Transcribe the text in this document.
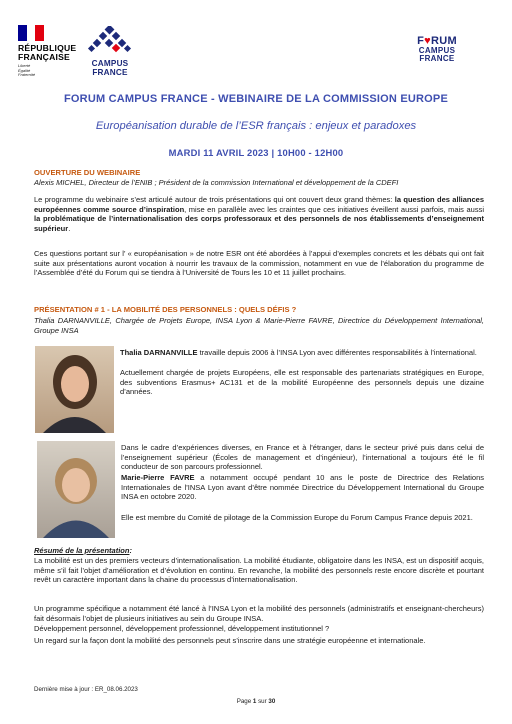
RÉPUBLIQUE
FRANÇAISE
Liberté
Égalité
Fraternité
CAMPUS
FRANCE
F♥RUM
CAMPUS
FRANCE
FORUM CAMPUS FRANCE - WEBINAIRE DE LA COMMISSION EUROPE
Européanisation durable de l’ESR français : enjeux et paradoxes
MARDI 11 AVRIL 2023 | 10H00 - 12H00
OUVERTURE DU WEBINAIRE
Alexis MICHEL, Directeur de l’ENIB ; Président de la commission International et développement de la CDEFI
Le programme du webinaire s’est articulé autour de trois présentations qui ont couvert deux grand thèmes: la question des alliances européennes comme source d’inspiration, mise en parallèle avec les craintes que ces initiatives éveillent aussi parfois, mais aussi la problématique de l’internationalisation des corps professoraux et des personnels de nos établissements d’enseignement supérieur.
Ces questions portant sur l’ « européanisation » de notre ESR ont été abordées à l’appui d’exemples concrets et les débats qui ont fait suite aux présentations auront vocation à nourrir les travaux de la commission, notamment en vue de l’élaboration du programme de l’Assemblée d’été du Forum qui se tiendra à l’Université de Tours les 10 et 11 juillet prochains.
PRÉSENTATION # 1 - LA MOBILITÉ DES PERSONNELS : QUELS DÉFIS ?
Thalia DARNANVILLE, Chargée de Projets Europe, INSA Lyon & Marie-Pierre FAVRE, Directrice du Développement International, Groupe INSA
Thalia DARNANVILLE travaille depuis 2006 à l’INSA Lyon avec différentes responsabilités à l’international.
Actuellement chargée de projets Européens, elle est responsable des partenariats stratégiques en Europe, des subventions Erasmus+ AC131 et de la mobilité Européenne des personnels depuis une dizaine d’années.
Dans le cadre d’expériences diverses, en France et à l’étranger, dans le secteur privé puis dans celui de l’enseignement supérieur (Écoles de management et d’ingénieur), l’international a toujours été le fil conducteur de son parcours professionnel.
Marie-Pierre FAVRE a notamment occupé pendant 10 ans le poste de Directrice des Relations Internationales de l’INSA Lyon avant d’être nommée Directrice du Développement International du Groupe INSA en octobre 2020.
Elle est membre du Comité de pilotage de la Commission Europe du Forum Campus France depuis 2021.
Résumé de la présentation:
La mobilité est un des premiers vecteurs d’internationalisation. La mobilité étudiante, obligatoire dans les INSA, est un dispositif acquis, même s’il fait l’objet d’amélioration et d’évolution en continu. En revanche, la mobilité des personnels reste encore discrète et pourtant revêt un caractère important dans la chaine du processus d’internationalisation.
Un programme spécifique a notamment été lancé à l’INSA Lyon et la mobilité des personnels (administratifs et enseignant-chercheurs) fait désormais l’objet de plusieurs initiatives au sein du Groupe INSA.
Développement personnel, développement professionnel, développement institutionnel ?
Un regard sur la façon dont la mobilité des personnels peut s’inscrire dans une stratégie européenne et internationale.
Dernière mise à jour : ER_08.06.2023
Page 1 sur 30
